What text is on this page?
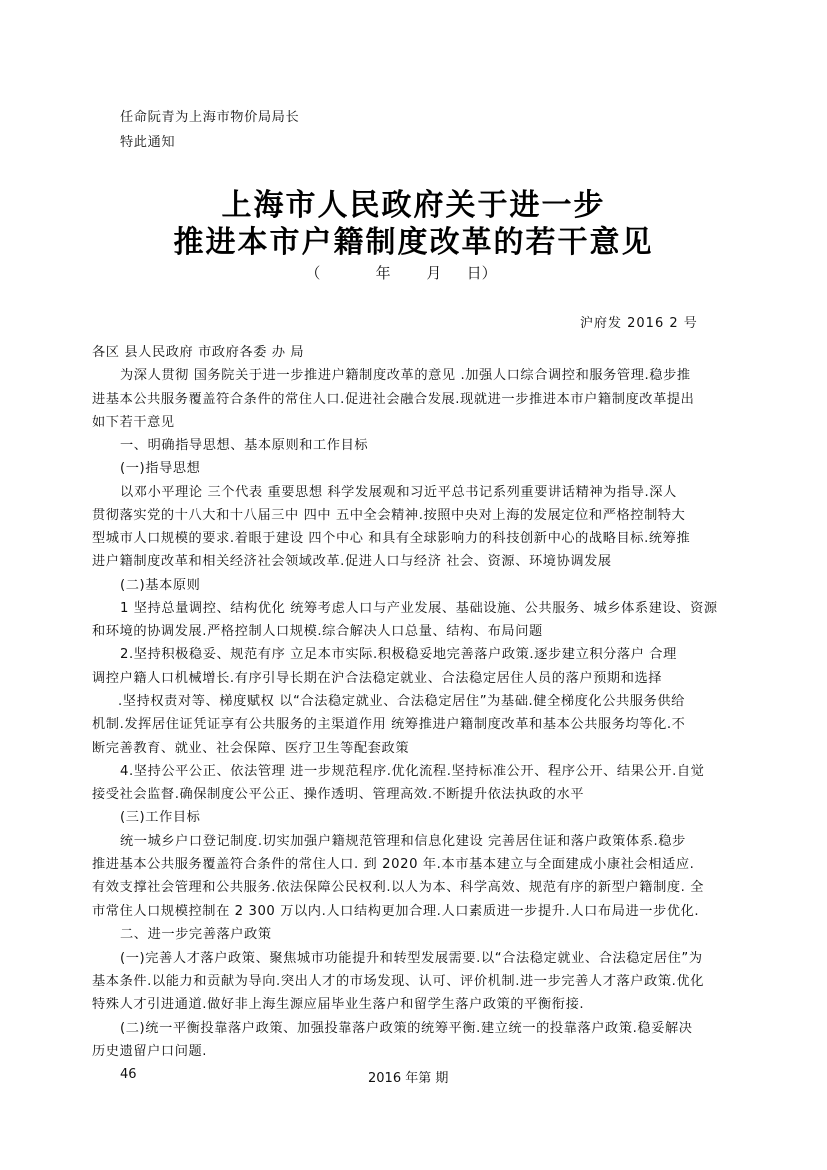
任命阮青为上海市物价局局长
特此通知
上海市人民政府关于进一步
推进本市户籍制度改革的若干意见
（	年 月 日）
沪府发 2016 2 号
各区 县人民政府 市政府各委 办 局
为深人贯彻 国务院关于进一步推进户籍制度改革的意见 .加强人口综合调控和服务管理.稳步推
进基本公共服务覆盖符合条件的常住人口.促进社会融合发展.现就进一步推进本市户籍制度改革提出
如下若干意见
一、明确指导思想、基本原则和工作目标
(一)指导思想
以邓小平理论 三个代表 重要思想 科学发展观和习近平总书记系列重要讲话精神为指导.深人
贯彻落实党的十八大和十八届三中 四中 五中全会精神.按照中央对上海的发展定位和严格控制特大
型城市人口规模的要求.着眼于建设 四个中心 和具有全球影响力的科技创新中心的战略目标.统筹推
进户籍制度改革和相关经济社会领域改革.促进人口与经济 社会、资源、环境协调发展
(二)基本原则
1 坚持总量调控、结构优化 统筹考虑人口与产业发展、基础设施、公共服务、城乡体系建设、资源
和环境的协调发展.严格控制人口规模.综合解决人口总量、结构、布局问题
2.坚持积极稳妥、规范有序 立足本市实际.积极稳妥地完善落户政策.逐步建立积分落户 合理
调控户籍人口机械增长.有序引导长期在沪合法稳定就业、合法稳定居住人员的落户预期和选择
.坚持权责对等、梯度赋权 以“合法稳定就业、合法稳定居住”为基础.健全梯度化公共服务供给
机制.发挥居住证凭证享有公共服务的主渠道作用 统筹推进户籍制度改革和基本公共服务均等化.不
断完善教育、就业、社会保障、医疗卫生等配套政策
4.坚持公平公正、依法管理 进一步规范程序.优化流程.坚持标准公开、程序公开、结果公开.自觉
接受社会监督.确保制度公平公正、操作透明、管理高效.不断提升依法执政的水平
(三)工作目标
统一城乡户口登记制度.切实加强户籍规范管理和信息化建设 完善居住证和落户政策体系.稳步
推进基本公共服务覆盖符合条件的常住人口. 到 2020 年.本市基本建立与全面建成小康社会相适应.
有效支撑社会管理和公共服务.依法保障公民权利.以人为本、科学高效、规范有序的新型户籍制度. 全
市常住人口规模控制在 2 300 万以内.人口结构更加合理.人口素质进一步提升.人口布局进一步优化.
二、进一步完善落户政策
(一)完善人才落户政策、聚焦城市功能提升和转型发展需要.以“合法稳定就业、合法稳定居住”为
基本条件.以能力和贡献为导向.突出人才的市场发现、认可、评价机制.进一步完善人才落户政策.优化
特殊人才引进通道.做好非上海生源应届毕业生落户和留学生落户政策的平衡衔接.
(二)统一平衡投靠落户政策、加强投靠落户政策的统筹平衡.建立统一的投靠落户政策.稳妥解决
历史遗留户口问题.
46	2016 年第 期
